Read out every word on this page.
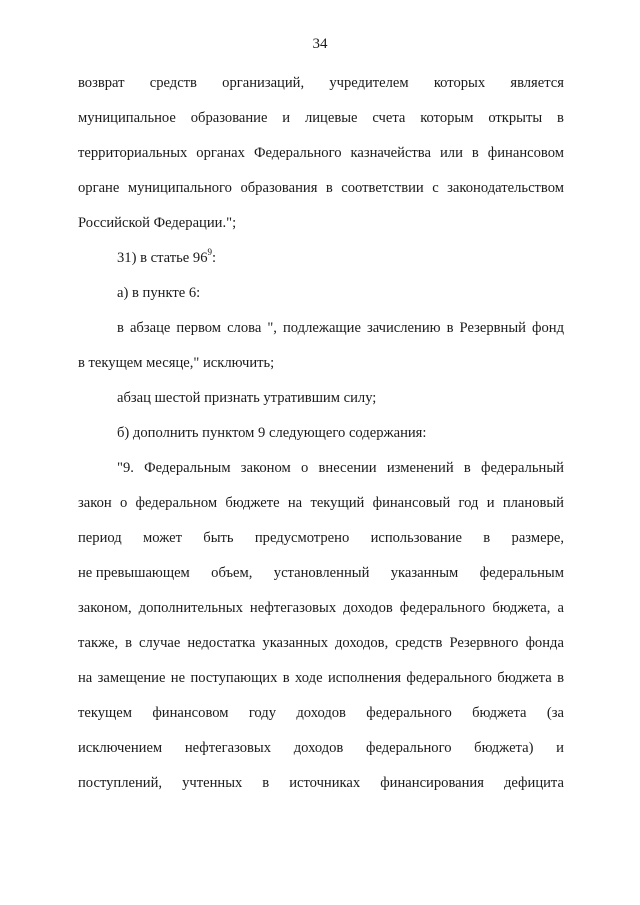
34
возврат средств организаций, учредителем которых является
муниципальное образование и лицевые счета которым открыты в
территориальных органах Федерального казначейства или в финансовом
органе муниципального образования в соответствии с законодательством
Российской Федерации.";
31) в статье $96^9$:
а) в пункте 6:
в абзаце первом слова ", подлежащие зачислению в Резервный фонд
в текущем месяце," исключить;
абзац шестой признать утратившим силу;
б) дополнить пунктом 9 следующего содержания:
"9. Федеральным законом о внесении изменений в федеральный
закон о федеральном бюджете на текущий финансовый год и плановый
период может быть предусмотрено использование в размере,
не превышающем объем, установленный указанным федеральным
законом, дополнительных нефтегазовых доходов федерального бюджета, а
также, в случае недостатка указанных доходов, средств Резервного фонда
на замещение не поступающих в ходе исполнения федерального бюджета в
текущем финансовом году доходов федерального бюджета (за
исключением нефтегазовых доходов федерального бюджета) и
поступлений, учтенных в источниках финансирования дефицита
